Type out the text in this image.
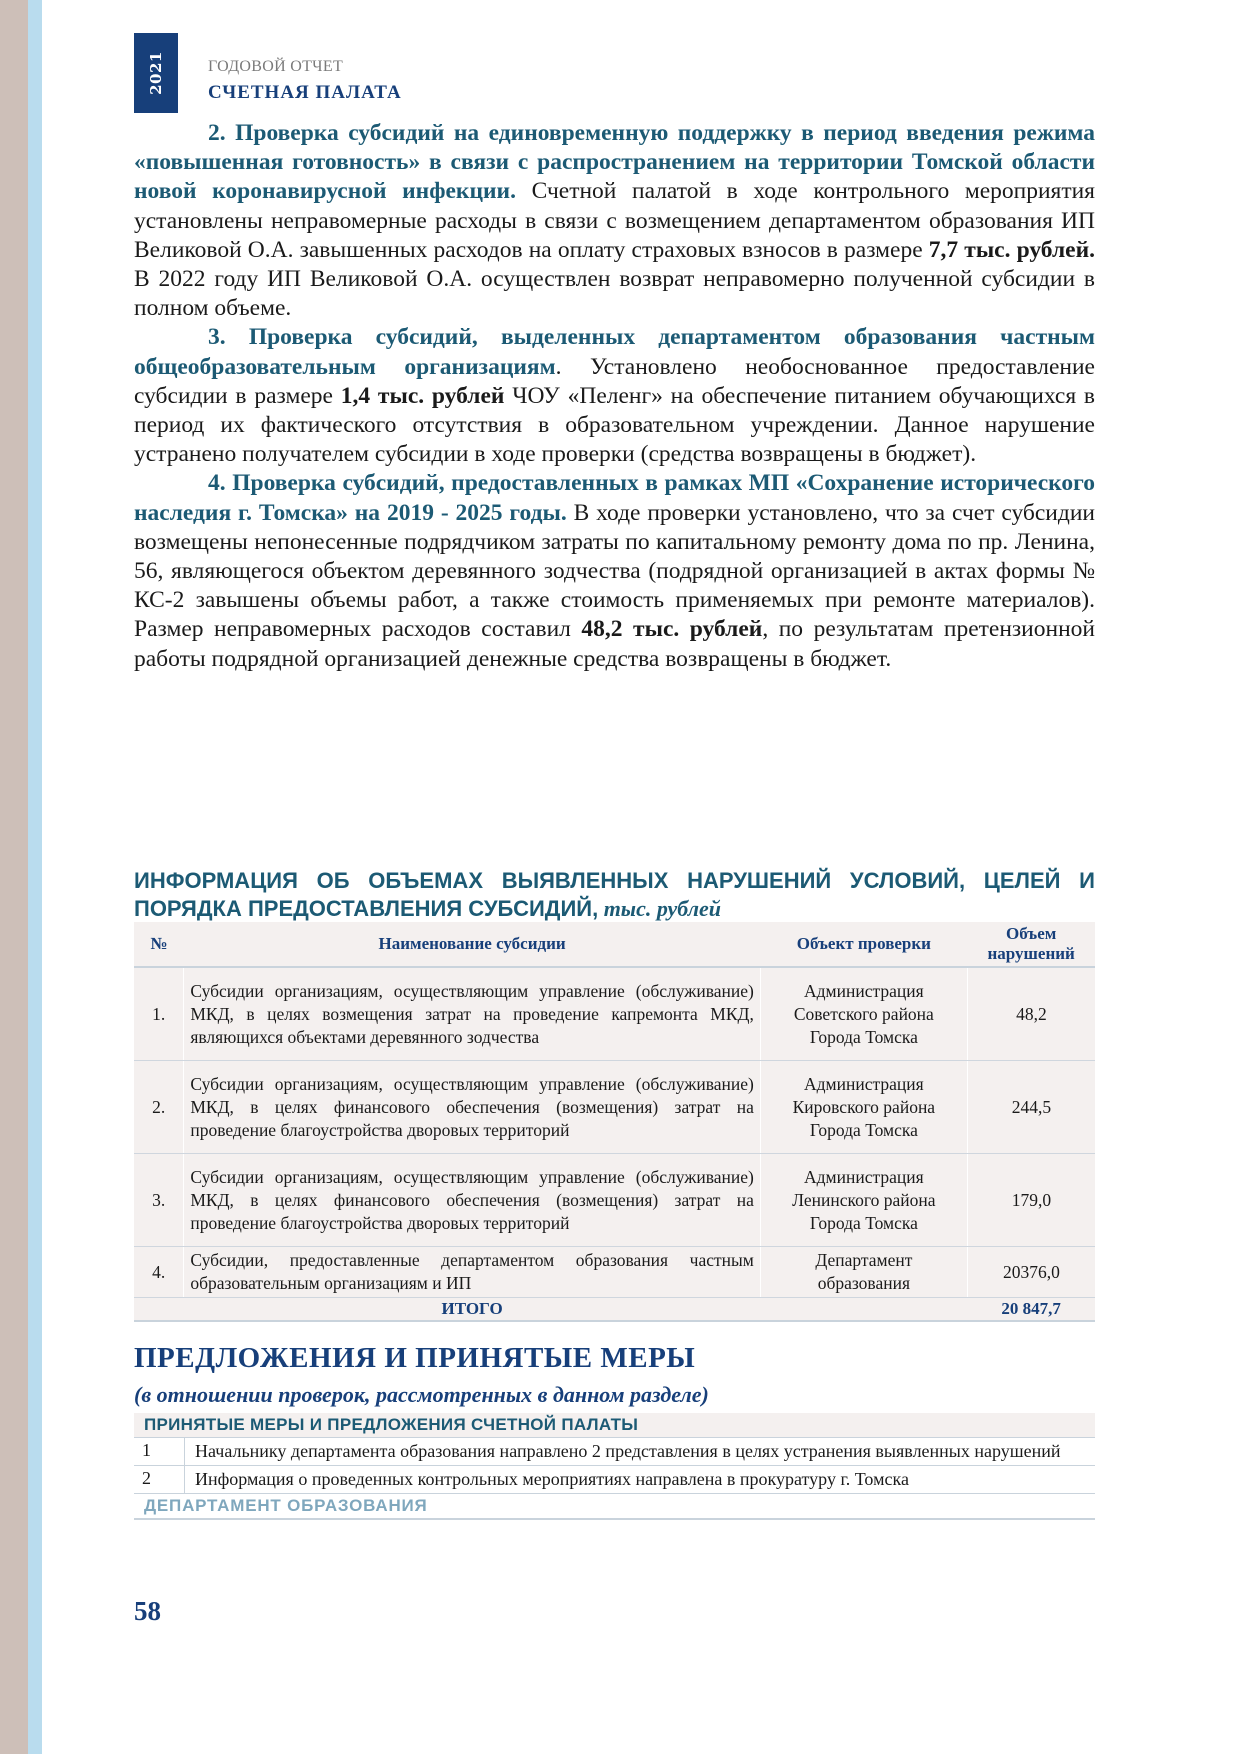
2021	ГОДОВОЙ ОТЧЕТ
СЧЕТНАЯ ПАЛАТА

2. Проверка субсидий на единовременную поддержку в период введения режима «повышенная готовность» в связи с распространением на территории Томской области новой коронавирусной инфекции. Счетной палатой в ходе контрольного мероприятия установлены неправомерные расходы в связи с возмещением департаментом образования ИП Великовой О.А. завышенных расходов на оплату страховых взносов в размере 7,7 тыс. рублей. В 2022 году ИП Великовой О.А. осуществлен возврат неправомерно полученной субсидии в полном объеме.

3. Проверка субсидий, выделенных департаментом образования частным общеобразовательным организациям. Установлено необоснованное предоставление субсидии в размере 1,4 тыс. рублей ЧОУ «Пеленг» на обеспечение питанием обучающихся в период их фактического отсутствия в образовательном учреждении. Данное нарушение устранено получателем субсидии в ходе проверки (средства возвращены в бюджет).

4. Проверка субсидий, предоставленных в рамках МП «Сохранение исторического наследия г. Томска» на 2019 - 2025 годы. В ходе проверки установлено, что за счет субсидии возмещены непонесенные подрядчиком затраты по капитальному ремонту дома по пр. Ленина, 56, являющегося объектом деревянного зодчества (подрядной организацией в актах формы № КС-2 завышены объемы работ, а также стоимость применяемых при ремонте материалов). Размер неправомерных расходов составил 48,2 тыс. рублей, по результатам претензионной работы подрядной организацией денежные средства возвращены в бюджет.

ИНФОРМАЦИЯ ОБ ОБЪЕМАХ ВЫЯВЛЕННЫХ НАРУШЕНИЙ УСЛОВИЙ, ЦЕЛЕЙ И ПОРЯДКА ПРЕДОСТАВЛЕНИЯ СУБСИДИЙ, тыс. рублей
№	Наименование субсидии	Объект проверки	Объем
нарушений
1.	Субсидии организациям, осуществляющим управление (обслуживание) МКД, в целях возмещения затрат на проведение капремонта МКД, являющихся объектами деревянного зодчества	Администрация
Советского района
Города Томска	48,2
2.	Субсидии организациям, осуществляющим управление (обслуживание) МКД, в целях финансового обеспечения (возмещения) затрат на проведение благоустройства дворовых территорий	Администрация
Кировского района
Города Томска	244,5
3.	Субсидии организациям, осуществляющим управление (обслуживание) МКД, в целях финансового обеспечения (возмещения) затрат на проведение благоустройства дворовых территорий	Администрация
Ленинского района
Города Томска	179,0
4.	Субсидии, предоставленные департаментом образования частным образовательным организациям и ИП	Департамент
образования	20376,0
	ИТОГО		20 847,7
ПРЕДЛОЖЕНИЯ И ПРИНЯТЫЕ МЕРЫ
(в отношении проверок, рассмотренных в данном разделе)
ПРИНЯТЫЕ МЕРЫ И ПРЕДЛОЖЕНИЯ СЧЕТНОЙ ПАЛАТЫ	
1	Начальнику департамента образования направлено 2 представления в целях устранения выявленных нарушений
2	Информация о проведенных контрольных мероприятиях направлена в прокуратуру г. Томска
ДЕПАРТАМЕНТ ОБРАЗОВАНИЯ	
58
